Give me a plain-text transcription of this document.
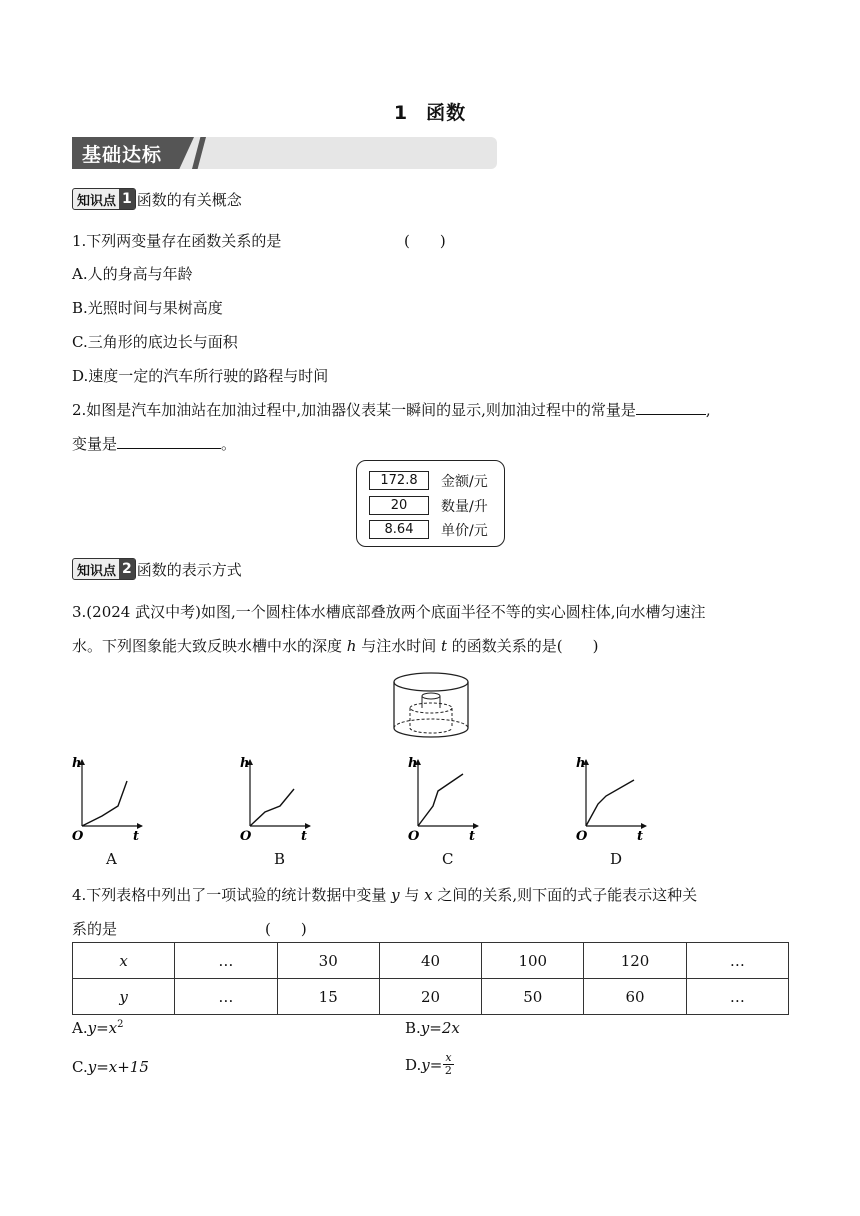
1 函数
基础达标
知识点 1 函数的有关概念
1.下列两变量存在函数关系的是	(　　)
A.人的身高与年龄
B.光照时间与果树高度
C.三角形的底边长与面积
D.速度一定的汽车所行驶的路程与时间
2.如图是汽车加油站在加油过程中,加油器仪表某一瞬间的显示,则加油过程中的常量是	,
变量是	。
172.8	金额/元
20	数量/升
8.64	单价/元
知识点 2 函数的表示方式
3.(2024 武汉中考)如图,一个圆柱体水槽底部叠放两个底面半径不等的实心圆柱体,向水槽匀速注
水。下列图象能大致反映水槽中水的深度 h 与注水时间 t 的函数关系的是(　　)
h
t
O
A
h
t
O
B
h
t
O
C
h
t
O
D
4.下列表格中列出了一项试验的统计数据中变量 y 与 x 之间的关系,则下面的式子能表示这种关
系的是	(　　)
x	…	30	40	100	120	…
y	…	15	20	50	60	…
$A.y=x^2$	B.y=2x
C.y=x+15	D. $y= \frac{x}{2}$
